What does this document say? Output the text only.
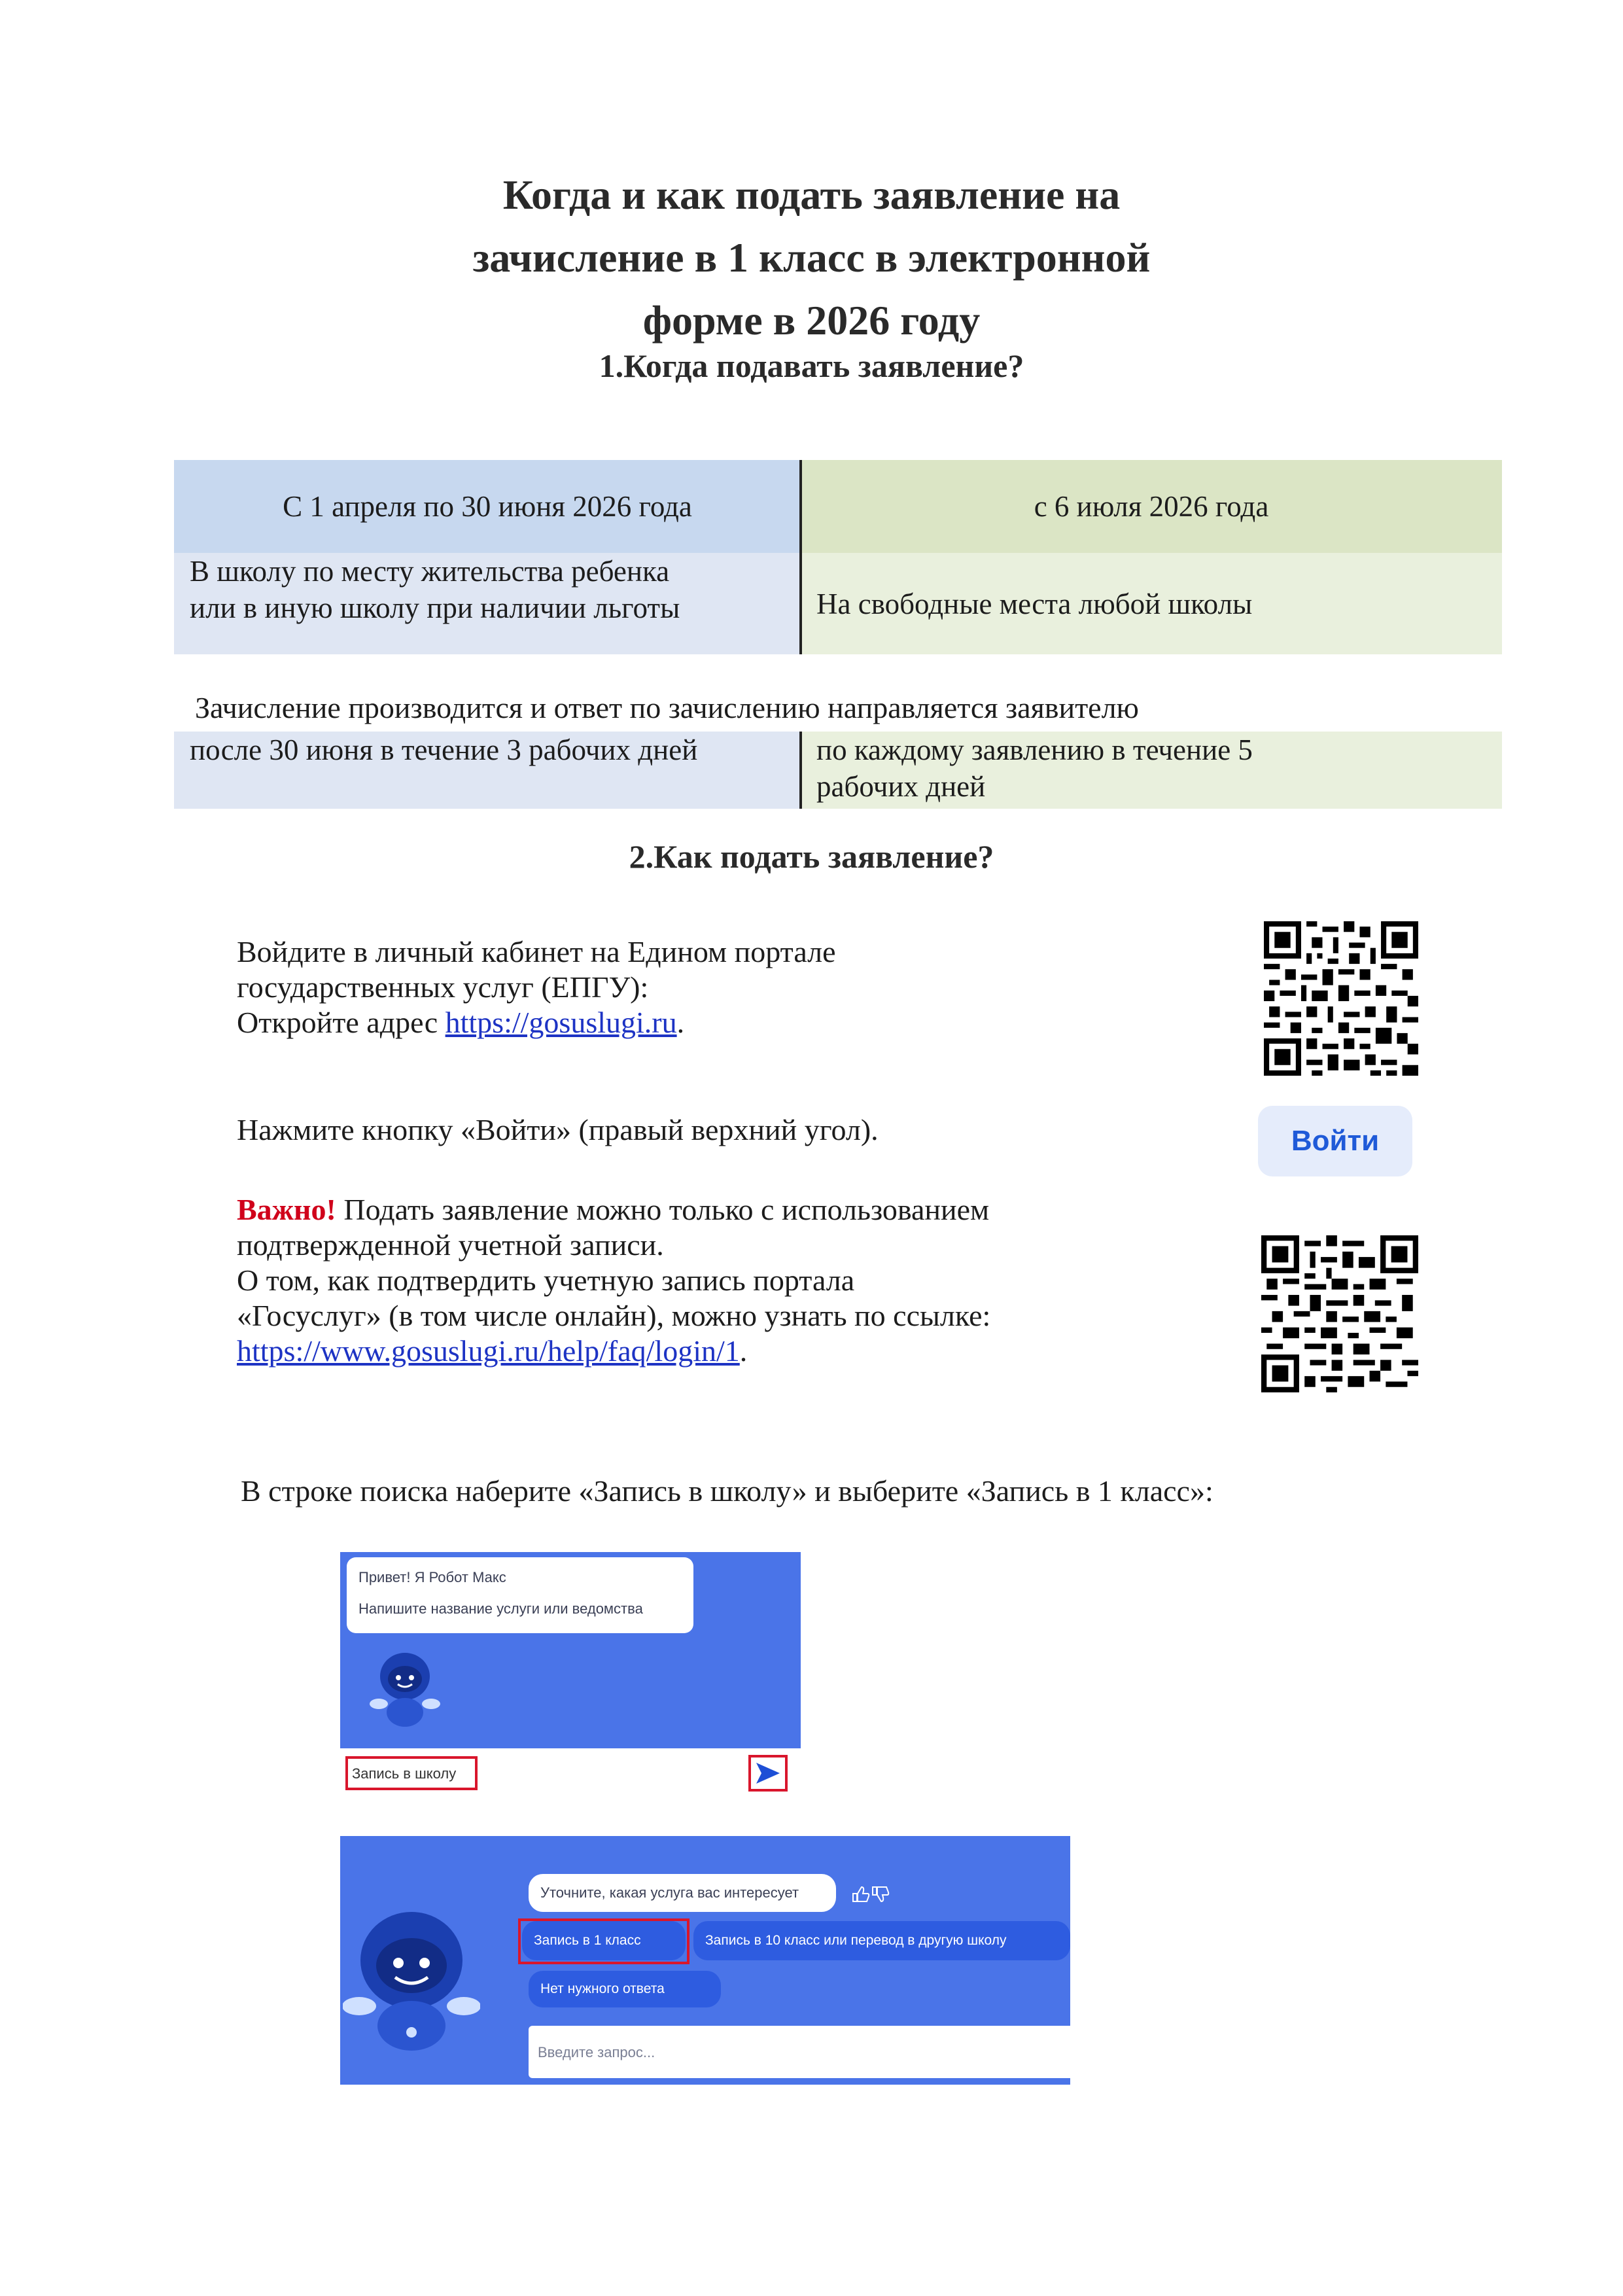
Когда и как подать заявление на
зачисление в 1 класс в электронной
форме в 2026 году
1.Когда подавать заявление?
С 1 апреля по 30 июня 2026 года	с 6 июля 2026 года
В школу по месту жительства ребенка
или в иную школу при наличии льготы	На свободные места любой школы
Зачисление производится и ответ по зачислению направляется заявителю
после 30 июня в течение 3 рабочих дней	по каждому заявлению в течение 5
рабочих дней
2.Как подать заявление?
Войдите в личный кабинет на Едином портале
государственных услуг (ЕПГУ):
Откройте адрес https://gosuslugi.ru.
Нажмите кнопку «Войти» (правый верхний угол).	Войти
Важно! Подать заявление можно только с использованием
подтвержденной учетной записи.
О том, как подтвердить учетную запись портала
«Госуслуг» (в том числе онлайн), можно узнать по ссылке:
https://www.gosuslugi.ru/help/faq/login/1.
В строке поиска наберите «Запись в школу» и выберите «Запись в 1 класс»:
Привет! Я Робот Макс
Напишите название услуги или ведомства
Запись в школу
Уточните, какая услуга вас интересует
Запись в 1 класс	Запись в 10 класс или перевод в другую школу
Нет нужного ответа
Введите запрос...
